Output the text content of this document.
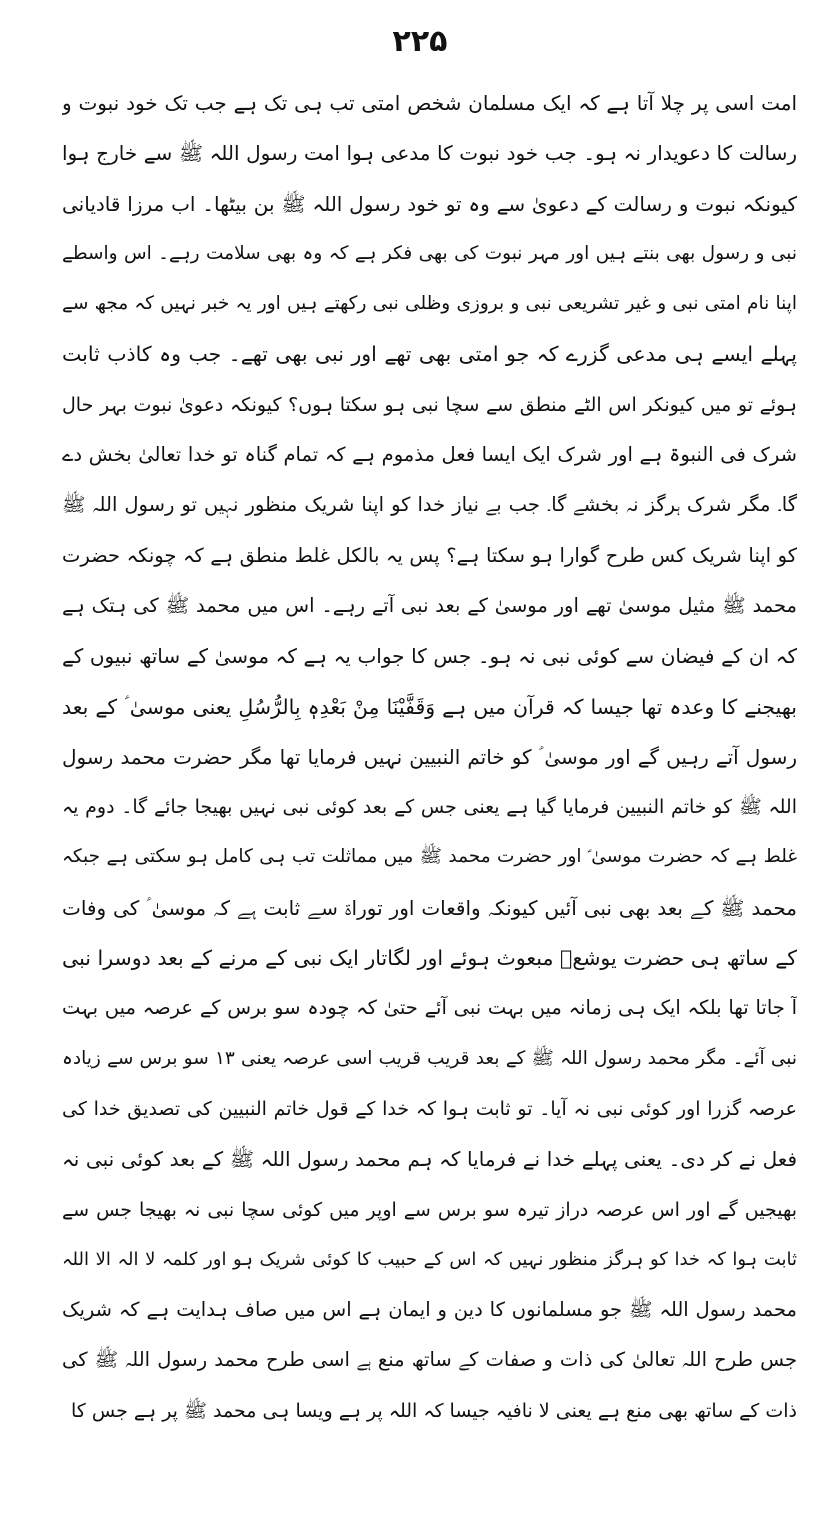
۲۲۵
امت اسی پر چلا آتا ہے کہ ایک مسلمان شخص امتی تب ہی تک ہے جب تک خود نبوت و
رسالت کا دعویدار نہ ہو۔ جب خود نبوت کا مدعی ہوا امت رسول اللہ ﷺ سے خارج ہوا
کیونکہ نبوت و رسالت کے دعویٰ سے وہ تو خود رسول اللہ ﷺ بن بیٹھا۔ اب مرزا قادیانی
نبی و رسول بھی بنتے ہیں اور مہر نبوت کی بھی فکر ہے کہ وہ بھی سلامت رہے۔ اس واسطے
اپنا نام امتی نبی و غیر تشریعی نبی و بروزی وظلی نبی رکھتے ہیں اور یہ خبر نہیں کہ مجھ سے
پہلے ایسے ہی مدعی گزرے کہ جو امتی بھی تھے اور نبی بھی تھے۔ جب وہ کاذب ثابت
ہوئے تو میں کیونکر اس الٹے منطق سے سچا نبی ہو سکتا ہوں؟ کیونکہ دعویٰ نبوت بہر حال
شرک فی النبوۃ ہے اور شرک ایک ایسا فعل مذموم ہے کہ تمام گناہ تو خدا تعالیٰ بخش دے
گا۔ مگر شرک ہرگز نہ بخشے گا۔ جب بے نیاز خدا کو اپنا شریک منظور نہیں تو رسول اللہ ﷺ
کو اپنا شریک کس طرح گوارا ہو سکتا ہے؟ پس یہ بالکل غلط منطق ہے کہ چونکہ حضرت
محمد ﷺ مثیل موسیٰ تھے اور موسیٰ کے بعد نبی آتے رہے۔ اس میں محمد ﷺ کی ہتک ہے
کہ ان کے فیضان سے کوئی نبی نہ ہو۔ جس کا جواب یہ ہے کہ موسیٰ کے ساتھ نبیوں کے
بھیجنے کا وعدہ تھا جیسا کہ قرآن میں ہے وَقَفَّیْنَا مِنْ بَعْدِہٖ بِالرُّسُلِ یعنی موسیٰ ؑ کے بعد
رسول آتے رہیں گے اور موسیٰ ؑ کو خاتم النبیین نہیں فرمایا تھا مگر حضرت محمد رسول
اللہ ﷺ کو خاتم النبیین فرمایا گیا ہے یعنی جس کے بعد کوئی نبی نہیں بھیجا جائے گا۔ دوم یہ
غلط ہے کہ حضرت موسیٰ ؑ اور حضرت محمد ﷺ میں مماثلت تب ہی کامل ہو سکتی ہے جبکہ
محمد ﷺ کے بعد بھی نبی آئیں کیونکہ واقعات اور توراۃ سے ثابت ہے کہ موسیٰ ؑ کی وفات
کے ساتھ ہی حضرت یوشعؑ مبعوث ہوئے اور لگاتار ایک نبی کے مرنے کے بعد دوسرا نبی
آ جاتا تھا بلکہ ایک ہی زمانہ میں بہت نبی آئے حتیٰ کہ چودہ سو برس کے عرصہ میں بہت
نبی آئے۔ مگر محمد رسول اللہ ﷺ کے بعد قریب قریب اسی عرصہ یعنی ۱۳ سو برس سے زیادہ
عرصہ گزرا اور کوئی نبی نہ آیا۔ تو ثابت ہوا کہ خدا کے قول خاتم النبیین کی تصدیق خدا کی
فعل نے کر دی۔ یعنی پہلے خدا نے فرمایا کہ ہم محمد رسول اللہ ﷺ کے بعد کوئی نبی نہ
بھیجیں گے اور اس عرصہ دراز تیرہ سو برس سے اوپر میں کوئی سچا نبی نہ بھیجا جس سے
ثابت ہوا کہ خدا کو ہرگز منظور نہیں کہ اس کے حبیب کا کوئی شریک ہو اور کلمہ لا الہ الا اللہ
محمد رسول اللہ ﷺ جو مسلمانوں کا دین و ایمان ہے اس میں صاف ہدایت ہے کہ شریک
جس طرح اللہ تعالیٰ کی ذات و صفات کے ساتھ منع ہے اسی طرح محمد رسول اللہ ﷺ کی
ذات کے ساتھ بھی منع ہے یعنی لا نافیہ جیسا کہ اللہ پر ہے ویسا ہی محمد ﷺ پر ہے جس کا
